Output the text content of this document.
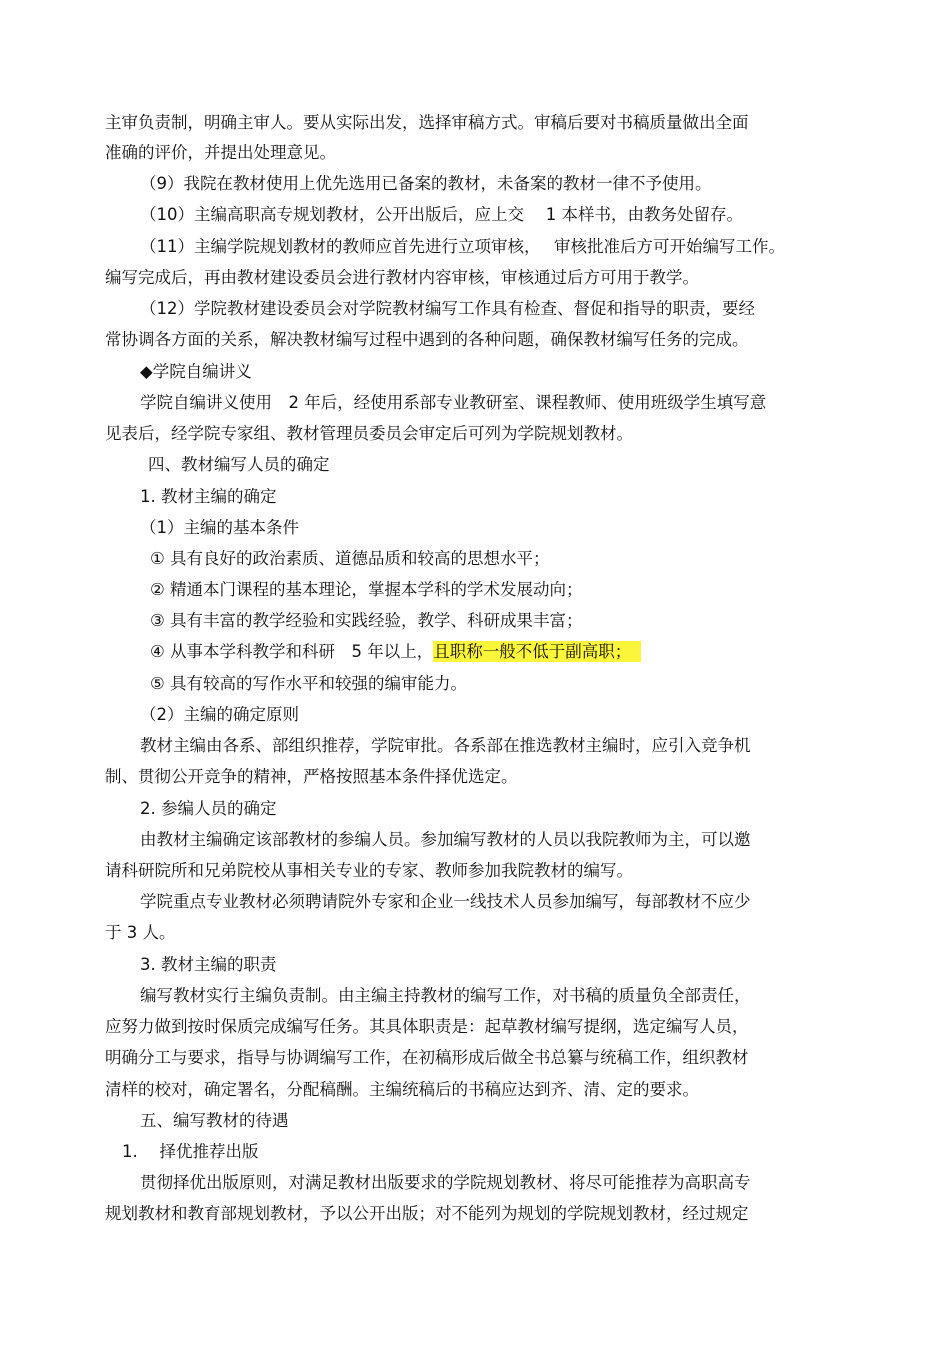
主审负责制，明确主审人。要从实际出发，选择审稿方式。审稿后要对书稿质量做出全面
准确的评价，并提出处理意见。
（9）我院在教材使用上优先选用已备案的教材，未备案的教材一律不予使用。
（10）主编高职高专规划教材，公开出版后，应上交　 1 本样书，由教务处留存。
（11）主编学院规划教材的教师应首先进行立项审核，　 审核批准后方可开始编写工作。
编写完成后，再由教材建设委员会进行教材内容审核，审核通过后方可用于教学。
（12）学院教材建设委员会对学院教材编写工作具有检查、督促和指导的职责，要经
常协调各方面的关系，解决教材编写过程中遇到的各种问题，确保教材编写任务的完成。
◆学院自编讲义
学院自编讲义使用　2 年后，经使用系部专业教研室、课程教师、使用班级学生填写意
见表后，经学院专家组、教材管理员委员会审定后可列为学院规划教材。
四、教材编写人员的确定
1. 教材主编的确定
（1）主编的基本条件
① 具有良好的政治素质、道德品质和较高的思想水平；
② 精通本门课程的基本理论，掌握本学科的学术发展动向；
③ 具有丰富的教学经验和实践经验，教学、科研成果丰富；
④ 从事本学科教学和科研　5 年以上，且职称一般不低于副高职；
⑤ 具有较高的写作水平和较强的编审能力。
（2）主编的确定原则
教材主编由各系、部组织推荐，学院审批。各系部在推选教材主编时，应引入竞争机
制、贯彻公开竞争的精神，严格按照基本条件择优选定。
2. 参编人员的确定
由教材主编确定该部教材的参编人员。参加编写教材的人员以我院教师为主，可以邀
请科研院所和兄弟院校从事相关专业的专家、教师参加我院教材的编写。
学院重点专业教材必须聘请院外专家和企业一线技术人员参加编写，每部教材不应少
于 3 人。
3. 教材主编的职责
编写教材实行主编负责制。由主编主持教材的编写工作，对书稿的质量负全部责任，
应努力做到按时保质完成编写任务。其具体职责是：起草教材编写提纲，选定编写人员，
明确分工与要求，指导与协调编写工作，在初稿形成后做全书总纂与统稿工作，组织教材
清样的校对，确定署名，分配稿酬。主编统稿后的书稿应达到齐、清、定的要求。
五、编写教材的待遇
1.　 择优推荐出版
贯彻择优出版原则，对满足教材出版要求的学院规划教材、将尽可能推荐为高职高专
规划教材和教育部规划教材，予以公开出版；对不能列为规划的学院规划教材，经过规定
